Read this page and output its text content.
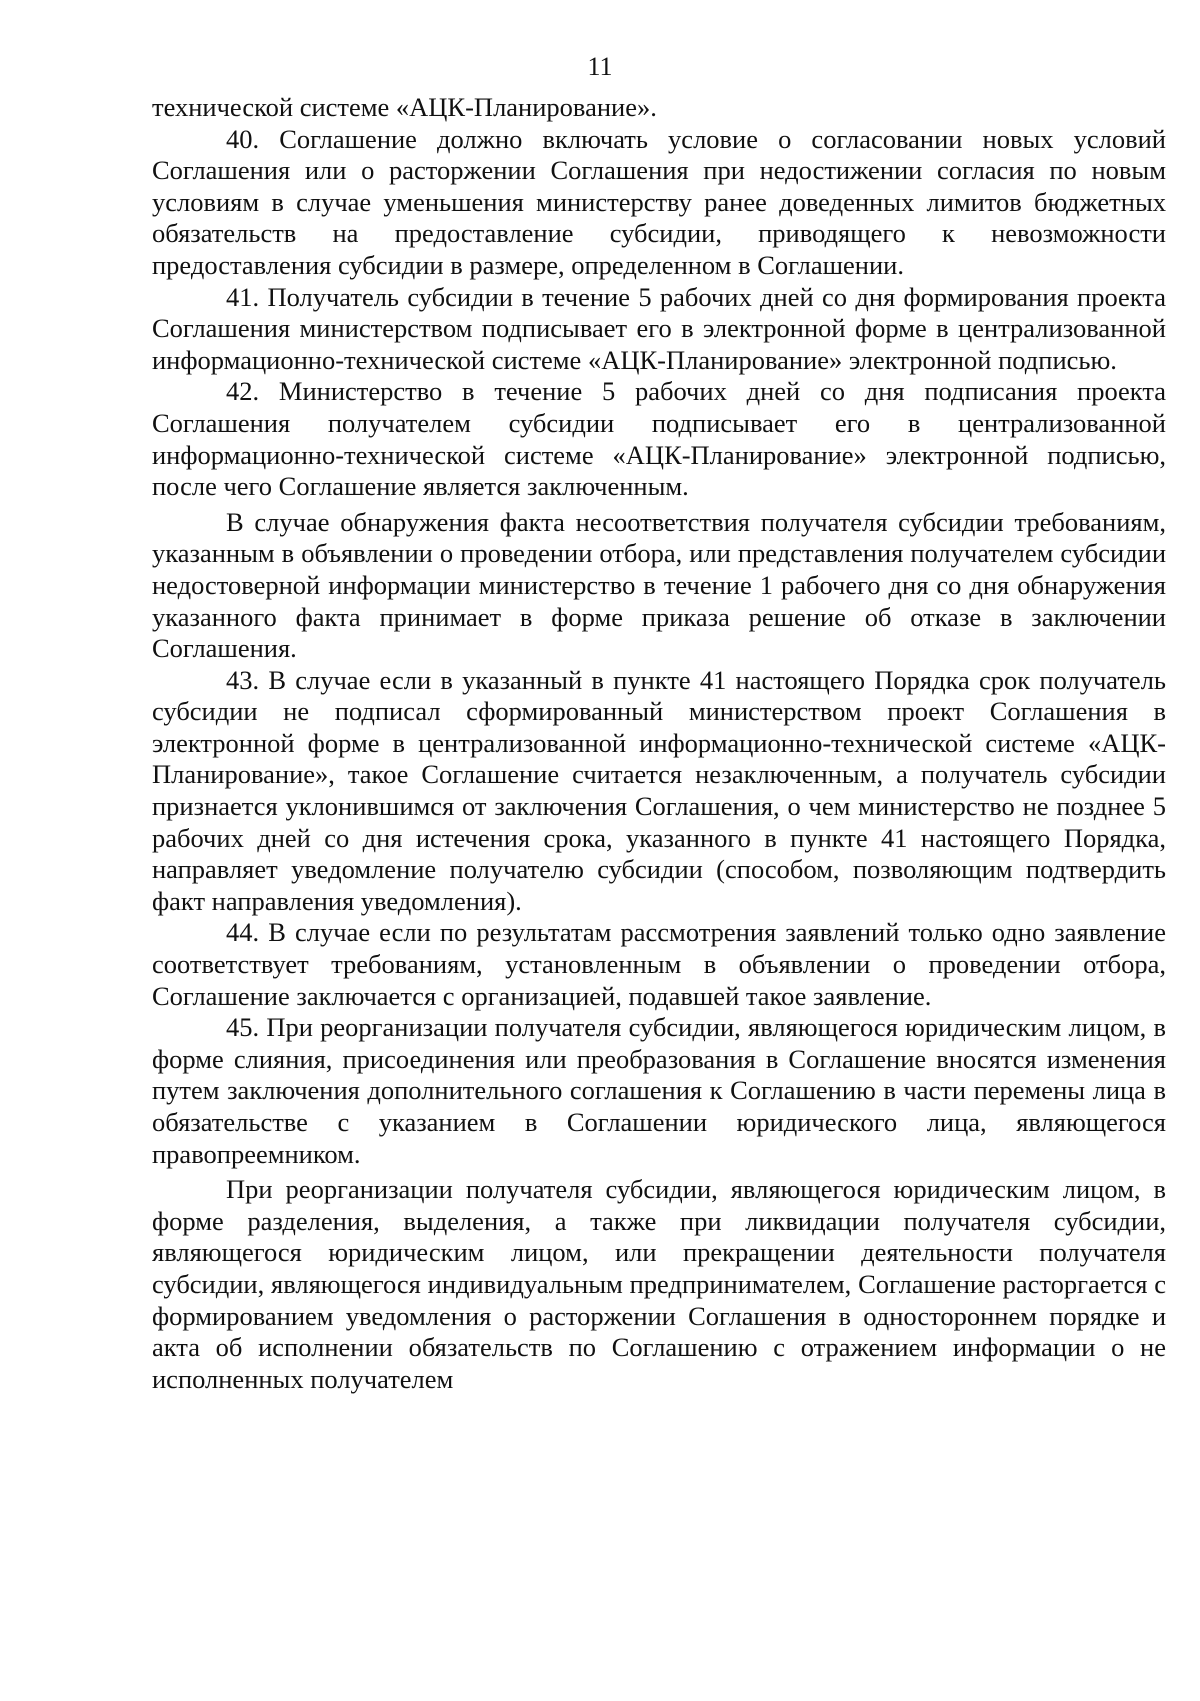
11

технической системе «АЦК-Планирование».

40. Соглашение должно включать условие о согласовании новых условий Соглашения или о расторжении Соглашения при недостижении согласия по новым условиям в случае уменьшения министерству ранее доведенных лимитов бюджетных обязательств на предоставление субсидии, приводящего к невозможности предоставления субсидии в размере, определенном в Соглашении.

41. Получатель субсидии в течение 5 рабочих дней со дня формирования проекта Соглашения министерством подписывает его в электронной форме в централизованной информационно-технической системе «АЦК-Планирование» электронной подписью.

42. Министерство в течение 5 рабочих дней со дня подписания проекта Соглашения получателем субсидии подписывает его в централизованной информационно-технической системе «АЦК-Планирование» электронной подписью, после чего Соглашение является заключенным.

В случае обнаружения факта несоответствия получателя субсидии требованиям, указанным в объявлении о проведении отбора, или представления получателем субсидии недостоверной информации министерство в течение 1 рабочего дня со дня обнаружения указанного факта принимает в форме приказа решение об отказе в заключении Соглашения.

43. В случае если в указанный в пункте 41 настоящего Порядка срок получатель субсидии не подписал сформированный министерством проект Соглашения в электронной форме в централизованной информационно-технической системе «АЦК-Планирование», такое Соглашение считается незаключенным, а получатель субсидии признается уклонившимся от заключения Соглашения, о чем министерство не позднее 5 рабочих дней со дня истечения срока, указанного в пункте 41 настоящего Порядка, направляет уведомление получателю субсидии (способом, позволяющим подтвердить факт направления уведомления).

44. В случае если по результатам рассмотрения заявлений только одно заявление соответствует требованиям, установленным в объявлении о проведении отбора, Соглашение заключается с организацией, подавшей такое заявление.

45. При реорганизации получателя субсидии, являющегося юридическим лицом, в форме слияния, присоединения или преобразования в Соглашение вносятся изменения путем заключения дополнительного соглашения к Соглашению в части перемены лица в обязательстве с указанием в Соглашении юридического лица, являющегося правопреемником.

При реорганизации получателя субсидии, являющегося юридическим лицом, в форме разделения, выделения, а также при ликвидации получателя субсидии, являющегося юридическим лицом, или прекращении деятельности получателя субсидии, являющегося индивидуальным предпринимателем, Соглашение расторгается с формированием уведомления о расторжении Соглашения в одностороннем порядке и акта об исполнении обязательств по Соглашению с отражением информации о не исполненных получателем
